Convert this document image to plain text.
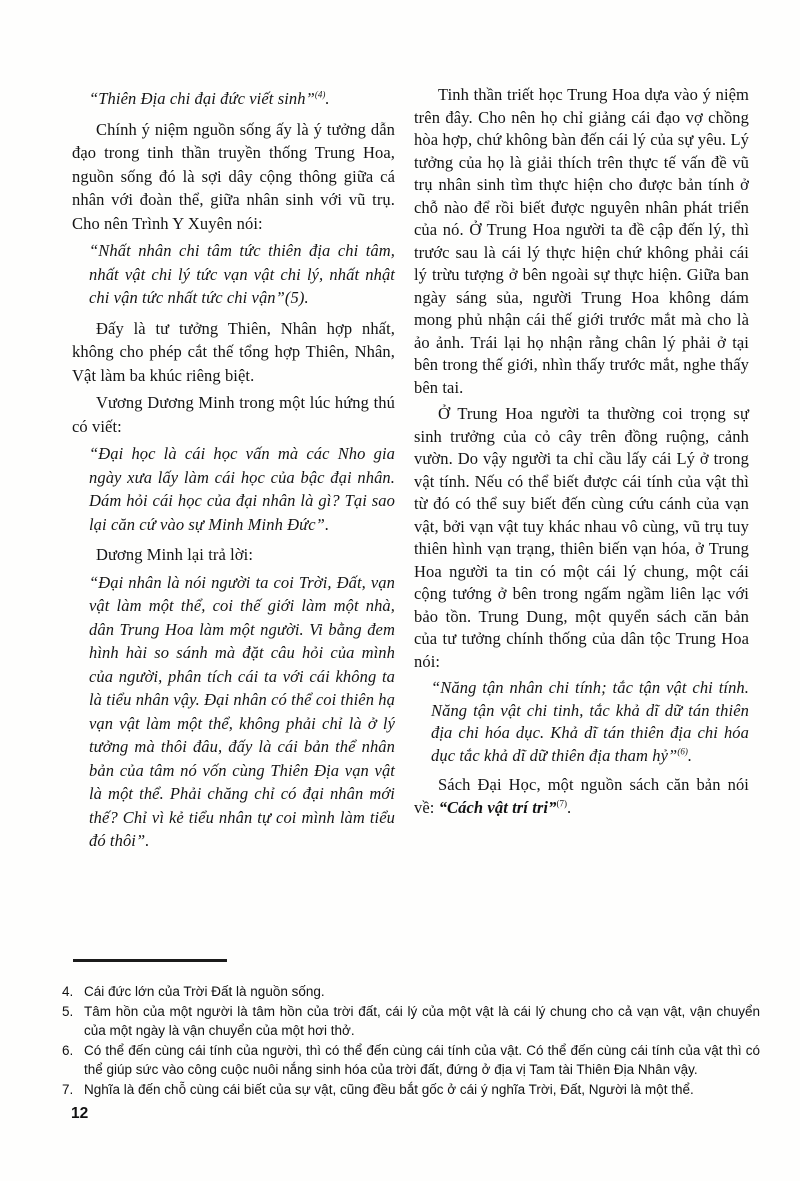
“Thiên Địa chi đại đức viết sinh”$^{(4)}$.

Chính ý niệm nguồn sống ấy là ý tưởng dẫn đạo trong tinh thần truyền thống Trung Hoa, nguồn sống đó là sợi dây cộng thông giữa cá nhân với đoàn thể, giữa nhân sinh với vũ trụ. Cho nên Trình Y Xuyên nói:

“Nhất nhân chi tâm tức thiên địa chi tâm, nhất vật chi lý tức vạn vật chi lý, nhất nhật chi vận tức nhất tức chi vận”(5).

Đấy là tư tưởng Thiên, Nhân hợp nhất, không cho phép cắt thế tổng hợp Thiên, Nhân, Vật làm ba khúc riêng biệt.

Vương Dương Minh trong một lúc hứng thú có viết:

“Đại học là cái học vấn mà các Nho gia ngày xưa lấy làm cái học của bậc đại nhân. Dám hỏi cái học của đại nhân là gì? Tại sao lại căn cứ vào sự Minh Minh Đức”.

Dương Minh lại trả lời:

“Đại nhân là nói người ta coi Trời, Đất, vạn vật làm một thể, coi thế giới làm một nhà, dân Trung Hoa làm một người. Vi bằng đem hình hài so sánh mà đặt câu hỏi của mình của người, phân tích cái ta với cái không ta là tiểu nhân vậy. Đại nhân có thể coi thiên hạ vạn vật làm một thể, không phải chỉ là ở lý tưởng mà thôi đâu, đấy là cái bản thể nhân bản của tâm nó vốn cùng Thiên Địa vạn vật là một thể. Phải chăng chỉ có đại nhân mới thế? Chỉ vì kẻ tiểu nhân tự coi mình làm tiểu đó thôi”.

Tinh thần triết học Trung Hoa dựa vào ý niệm trên đây. Cho nên họ chỉ giảng cái đạo vợ chồng hòa hợp, chứ không bàn đến cái lý của sự yêu. Lý tưởng của họ là giải thích trên thực tế vấn đề vũ trụ nhân sinh tìm thực hiện cho được bản tính ở chỗ nào để rồi biết được nguyên nhân phát triển của nó. Ở Trung Hoa người ta đề cập đến lý, thì trước sau là cái lý thực hiện chứ không phải cái lý trừu tượng ở bên ngoài sự thực hiện. Giữa ban ngày sáng sủa, người Trung Hoa không dám mong phủ nhận cái thế giới trước mắt mà cho là ảo ảnh. Trái lại họ nhận rằng chân lý phải ở tại bên trong thế giới, nhìn thấy trước mắt, nghe thấy bên tai.

Ở Trung Hoa người ta thường coi trọng sự sinh trưởng của cỏ cây trên đồng ruộng, cảnh vườn. Do vậy người ta chỉ cầu lấy cái Lý ở trong vật tính. Nếu có thể biết được cái tính của vật thì từ đó có thể suy biết đến cùng cứu cánh của vạn vật, bởi vạn vật tuy khác nhau vô cùng, vũ trụ tuy thiên hình vạn trạng, thiên biến vạn hóa, ở Trung Hoa người ta tin có một cái lý chung, một cái cộng tướng ở bên trong ngấm ngầm liên lạc với bảo tồn. Trung Dung, một quyển sách căn bản của tư tưởng chính thống của dân tộc Trung Hoa nói:

“Năng tận nhân chi tính; tắc tận vật chi tính. Năng tận vật chi tinh, tắc khả dĩ dữ tán thiên địa chi hóa dục. Khả dĩ tán thiên địa chi hóa dục tắc khả dĩ dữ thiên địa tham hỷ”$^{(6)}$.

Sách Đại Học, một nguồn sách căn bản nói về: “Cách vật trí tri”$^{(7)}$.

4. Cái đức lớn của Trời Đất là nguồn sống.
5. Tâm hồn của một người là tâm hồn của trời đất, cái lý của một vật là cái lý chung cho cả vạn vật, vận chuyển của một ngày là vận chuyển của một hơi thở.
6. Có thể đến cùng cái tính của người, thì có thể đến cùng cái tính của vật. Có thể đến cùng cái tính của vật thì có thể giúp sức vào công cuộc nuôi nắng sinh hóa của trời đất, đứng ở địa vị Tam tài Thiên Địa Nhân vậy.
7. Nghĩa là đến chỗ cùng cái biết của sự vật, cũng đều bắt gốc ở cái ý nghĩa Trời, Đất, Người là một thể.
12
